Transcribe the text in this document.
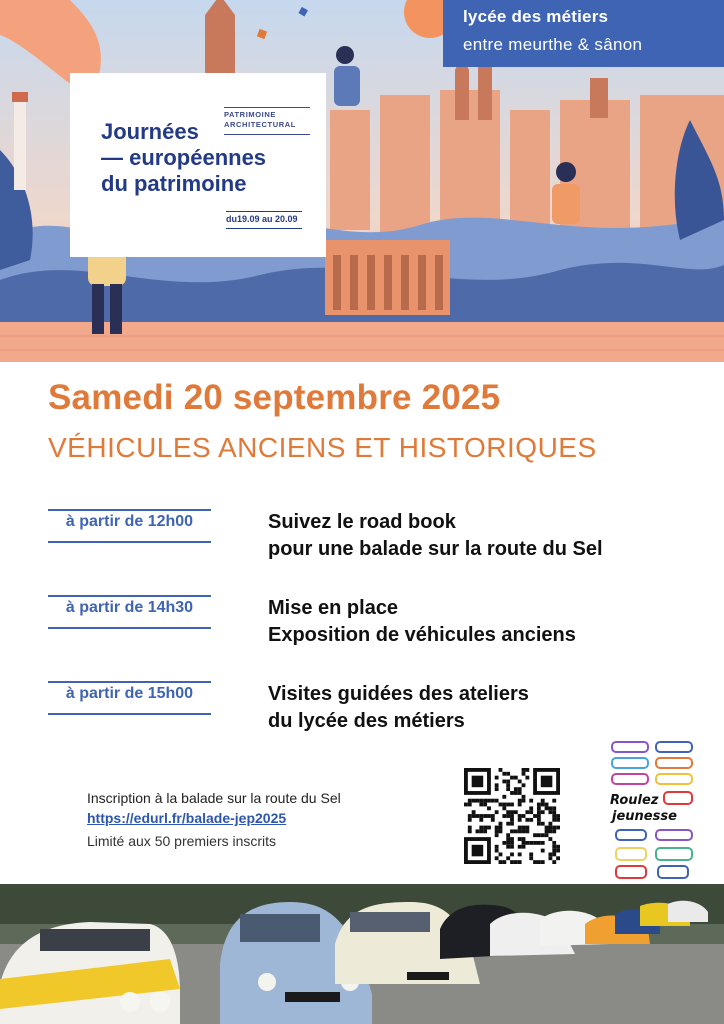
PATRIMOINE
ARCHITECTURAL
Journées
— européennes
du patrimoine
du19.09 au 20.09
lycée des métiers
entre meurthe & sânon
Samedi 20 septembre 2025
VÉHICULES ANCIENS ET HISTORIQUES
à partir de 12h00	Suivez le road book
pour une balade sur la route du Sel
à partir de 14h30	Mise en place
Exposition de véhicules anciens
à partir de 15h00	Visites guidées des ateliers
du lycée des métiers
Inscription à la balade sur la route du Sel
https://edurl.fr/balade-jep2025
Limité aux 50 premiers inscrits
Roulez
jeunesse
